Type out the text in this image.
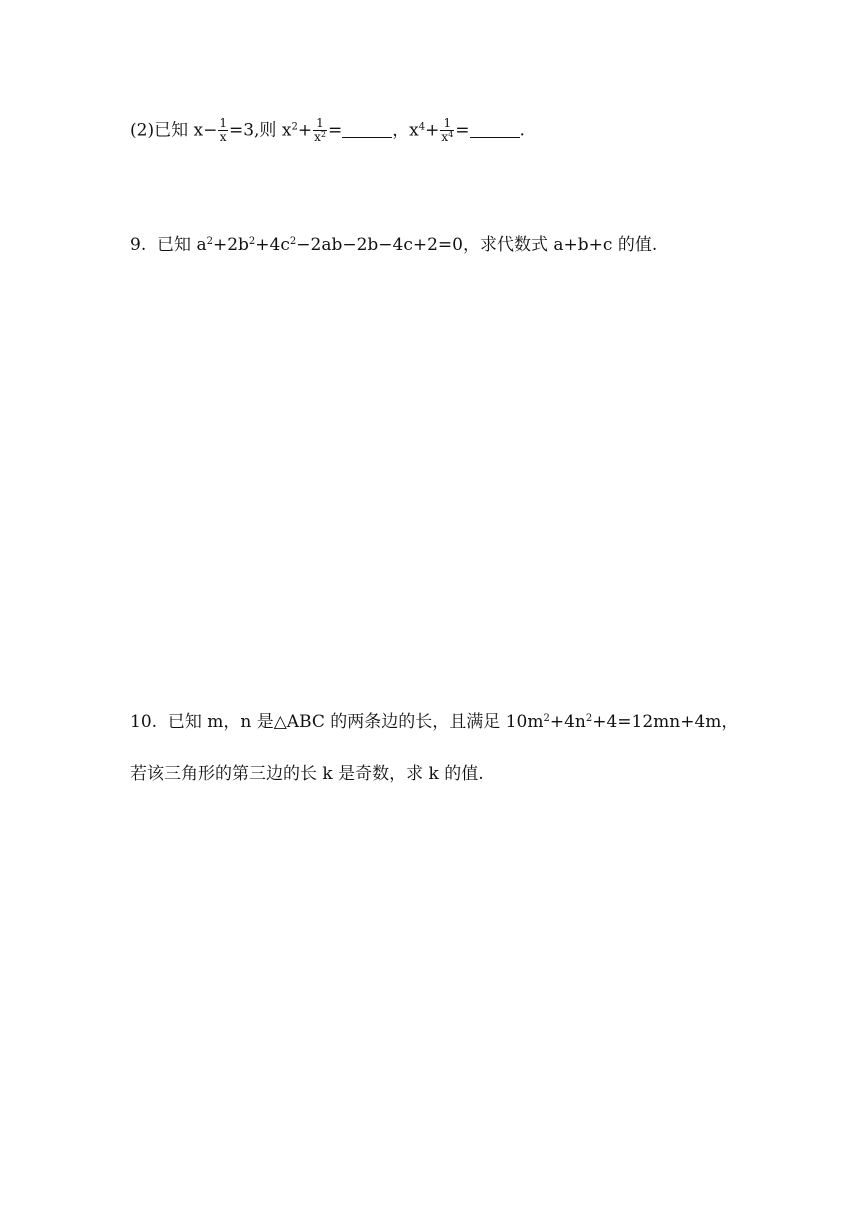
(2)已知 $x- \frac{1}{x} =3$,则 $x^2+ \frac{1}{x^2}$ =	，$x^4+ \frac{1}{x^4}$ =	.
9. 已知 $a^2+2b^2+4c^2-2ab-2b-4c+2=0$，求代数式 a+b+c 的值.
10. 已知 m，n 是△ABC 的两条边的长，且满足 $10m^2+4n^2+4=12mn+4m$，
若该三角形的第三边的长 k 是奇数，求 k 的值.
